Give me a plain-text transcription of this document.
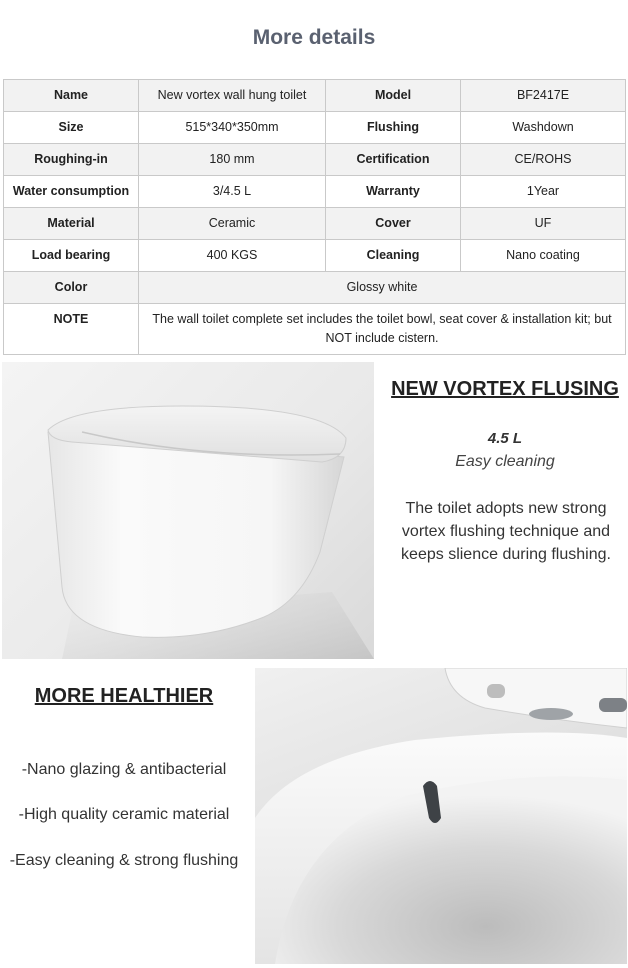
More details
Name	New vortex wall hung toilet	Model	BF2417E
Size	515*340*350mm	Flushing	Washdown
Roughing-in	180 mm	Certification	CE/ROHS
Water consumption	3/4.5 L	Warranty	1Year
Material	Ceramic	Cover	UF
Load bearing	400 KGS	Cleaning	Nano coating
Color	Glossy white		
NOTE	The wall toilet complete set includes the toilet bowl, seat cover & installation kit; but NOT include cistern.		
NEW VORTEX FLUSING
4.5 L
Easy cleaning
The toilet adopts new strong vortex flushing technique and keeps slience during flushing.
MORE HEALTHIER
-Nano glazing & antibacterial
-High quality ceramic material
-Easy cleaning & strong flushing
